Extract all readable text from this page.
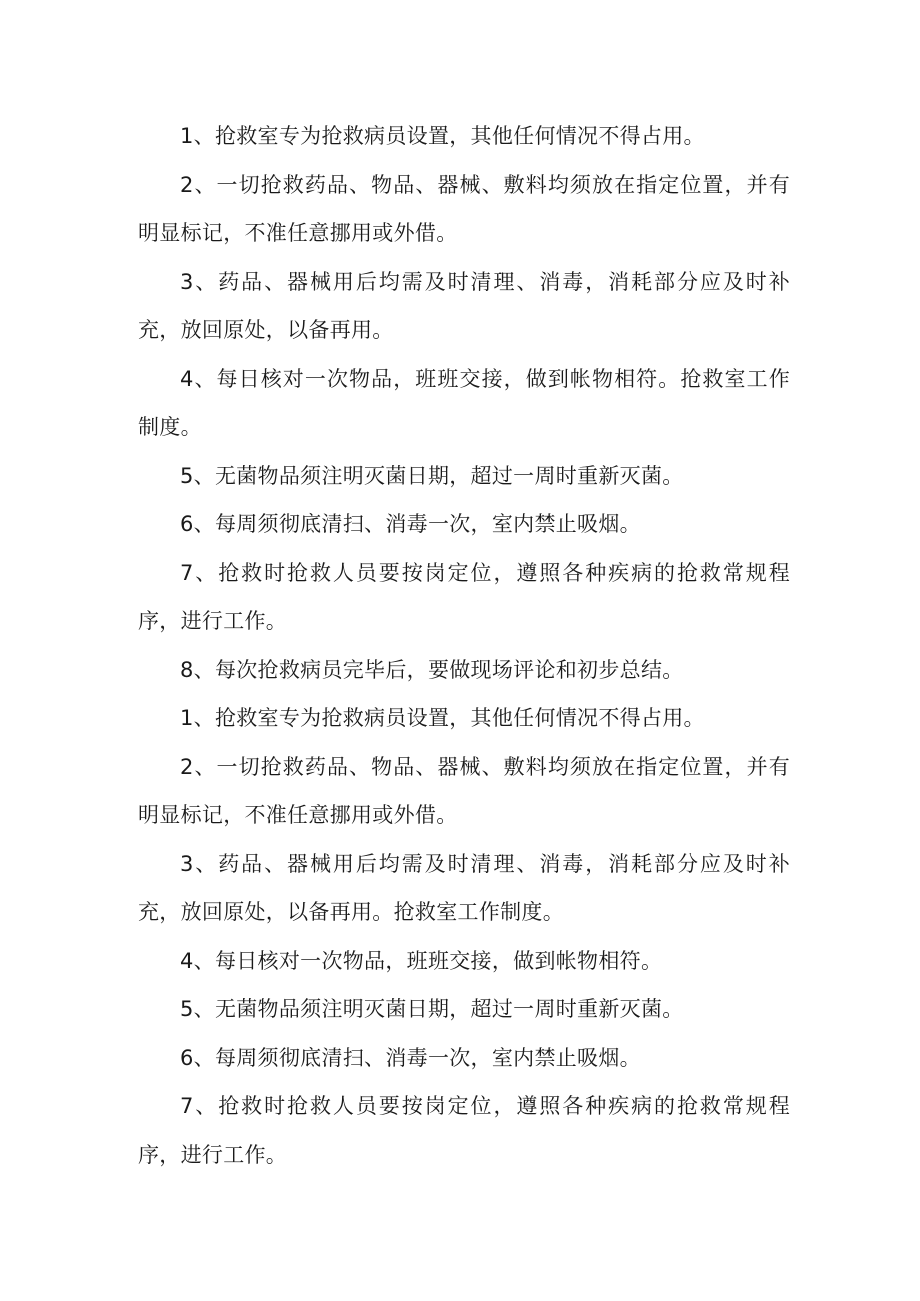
1、抢救室专为抢救病员设置，其他任何情况不得占用。

2、一切抢救药品、物品、器械、敷料均须放在指定位置，并有明显标记，不准任意挪用或外借。

3、药品、器械用后均需及时清理、消毒，消耗部分应及时补充，放回原处，以备再用。

4、每日核对一次物品，班班交接，做到帐物相符。抢救室工作制度。

5、无菌物品须注明灭菌日期，超过一周时重新灭菌。

6、每周须彻底清扫、消毒一次，室内禁止吸烟。

7、抢救时抢救人员要按岗定位，遵照各种疾病的抢救常规程序，进行工作。

8、每次抢救病员完毕后，要做现场评论和初步总结。

1、抢救室专为抢救病员设置，其他任何情况不得占用。

2、一切抢救药品、物品、器械、敷料均须放在指定位置，并有明显标记，不准任意挪用或外借。

3、药品、器械用后均需及时清理、消毒，消耗部分应及时补充，放回原处，以备再用。抢救室工作制度。

4、每日核对一次物品，班班交接，做到帐物相符。

5、无菌物品须注明灭菌日期，超过一周时重新灭菌。

6、每周须彻底清扫、消毒一次，室内禁止吸烟。

7、抢救时抢救人员要按岗定位，遵照各种疾病的抢救常规程序，进行工作。
